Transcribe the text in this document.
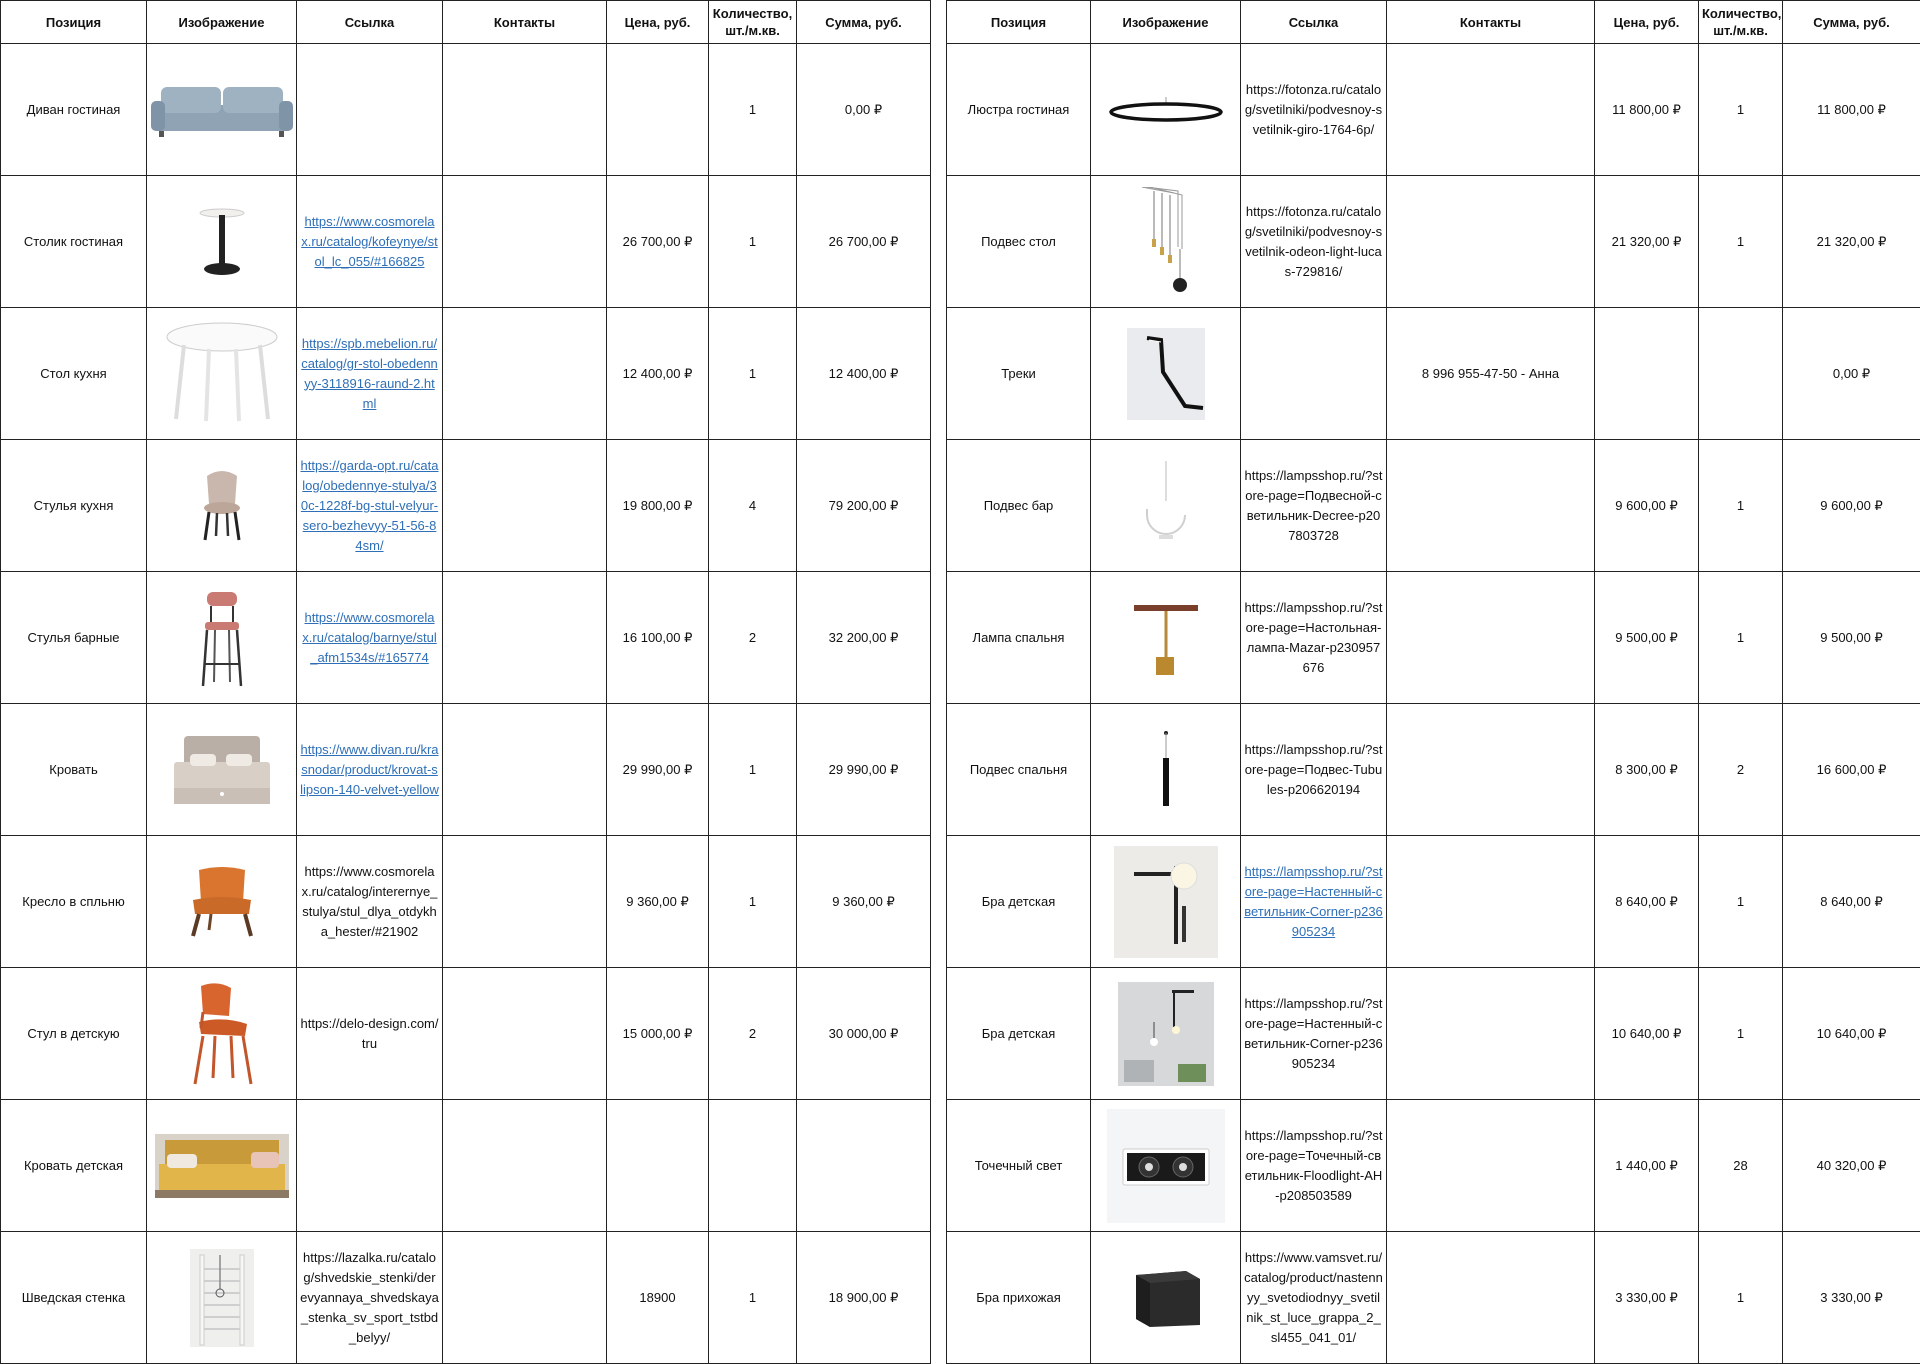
Позиция	Изображение	Ссылка	Контакты	Цена, руб.	Количество, шт./м.кв.	Сумма, руб.
Диван гостиная					1	0,00 ₽
Столик гостиная		https://www.cosmorelax.ru/catalog/kofeynye/stol_lc_055/#166825		26 700,00 ₽	1	26 700,00 ₽
Стол кухня		https://spb.mebelion.ru/catalog/gr-stol-obedennyy-3118916-raund-2.html		12 400,00 ₽	1	12 400,00 ₽
Стулья кухня		https://garda-opt.ru/catalog/obedennye-stulya/30c-1228f-bg-stul-velyur-sero-bezhevyy-51-56-84sm/		19 800,00 ₽	4	79 200,00 ₽
Стулья барные		https://www.cosmorelax.ru/catalog/barnye/stul_afm1534s/#165774		16 100,00 ₽	2	32 200,00 ₽
Кровать		https://www.divan.ru/krasnodar/product/krovat-slipson-140-velvet-yellow		29 990,00 ₽	1	29 990,00 ₽
Кресло в спльню		https://www.cosmorelax.ru/catalog/interernye_stulya/stul_dlya_otdykha_hester/#21902		9 360,00 ₽	1	9 360,00 ₽
Стул в детскую		https://delo-design.com/tru		15 000,00 ₽	2	30 000,00 ₽
Кровать детская	

Шведская стенка		https://lazalka.ru/catalog/shvedskie_stenki/derevyannaya_shvedskaya_stenka_sv_sport_tstbd_belyy/		18900	1	18 900,00 ₽
Позиция	Изображение	Ссылка	Контакты	Цена, руб.	Количество, шт./м.кв.	Сумма, руб.
Люстра гостиная		https://fotonza.ru/catalog/svetilniki/podvesnoy-svetilnik-giro-1764-6p/		11 800,00 ₽	1	11 800,00 ₽
Подвес стол		https://fotonza.ru/catalog/svetilniki/podvesnoy-svetilnik-odeon-light-lucas-729816/		21 320,00 ₽	1	21 320,00 ₽
Треки			8 996 955-47-50 - Анна			0,00 ₽
Подвес бар		https://lampsshop.ru/?store-page=Подвесной-светильник-Decree-p207803728		9 600,00 ₽	1	9 600,00 ₽
Лампа спальня		https://lampsshop.ru/?store-page=Настольная-лампа-Mazar-p230957676		9 500,00 ₽	1	9 500,00 ₽
Подвес спальня		https://lampsshop.ru/?store-page=Подвес-Tubules-p206620194		8 300,00 ₽	2	16 600,00 ₽
Бра детская		https://lampsshop.ru/?store-page=Настенный-светильник-Corner-p236905234		8 640,00 ₽	1	8 640,00 ₽
Бра детская		https://lampsshop.ru/?store-page=Настенный-светильник-Corner-p236905234		10 640,00 ₽	1	10 640,00 ₽
Точечный свет		https://lampsshop.ru/?store-page=Точечный-светильник-Floodlight-AH-p208503589		1 440,00 ₽	28	40 320,00 ₽
Бра прихожая		https://www.vamsvet.ru/catalog/product/nastennyy_svetodiodnyy_svetilnik_st_luce_grappa_2_sl455_041_01/		3 330,00 ₽	1	3 330,00 ₽
